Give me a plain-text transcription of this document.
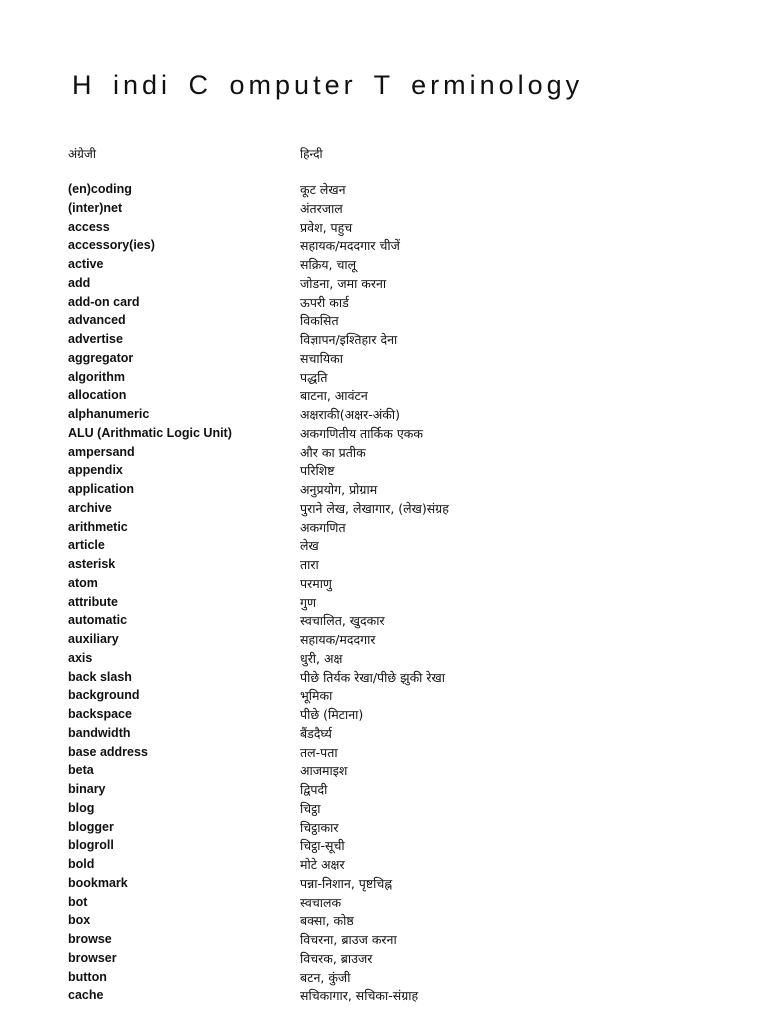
H indi C omputer T erminology
अंग्रेजी	हिन्दी
(en)coding	कूट लेखन
(inter)net	अंतरजाल
access	प्रवेश, पहुच
accessory(ies)	सहायक/मददगार चीजें
active	सक्रिय, चालू
add	जोडना, जमा करना
add-on card	ऊपरी कार्ड
advanced	विकसित
advertise	विज्ञापन/इश्तिहार देना
aggregator	सचायिका
algorithm	पद्धति
allocation	बाटना, आवंटन
alphanumeric	अक्षराकी(अक्षर-अंकी)
ALU (Arithmatic Logic Unit)	अकगणितीय तार्किक एकक
ampersand	और का प्रतीक
appendix	परिशिष्ट
application	अनुप्रयोग, प्रोग्राम
archive	पुराने लेख, लेखागार, (लेख)संग्रह
arithmetic	अकगणित
article	लेख
asterisk	तारा
atom	परमाणु
attribute	गुण
automatic	स्वचालित, खुदकार
auxiliary	सहायक/मददगार
axis	धुरी, अक्ष
back slash	पीछे तिर्यक रेखा/पीछे झुकी रेखा
background	भूमिका
backspace	पीछे (मिटाना)
bandwidth	बैंडदैर्घ्य
base address	तल-पता
beta	आजमाइश
binary	द्विपदी
blog	चिट्ठा
blogger	चिट्ठाकार
blogroll	चिट्ठा-सूची
bold	मोटे अक्षर
bookmark	पन्ना-निशान, पृष्टचिह्न
bot	स्वचालक
box	बक्सा, कोष्ठ
browse	विचरना, ब्राउज करना
browser	विचरक, ब्राउजर
button	बटन, कुंजी
cache	सचिकागार, सचिका-संग्राह
